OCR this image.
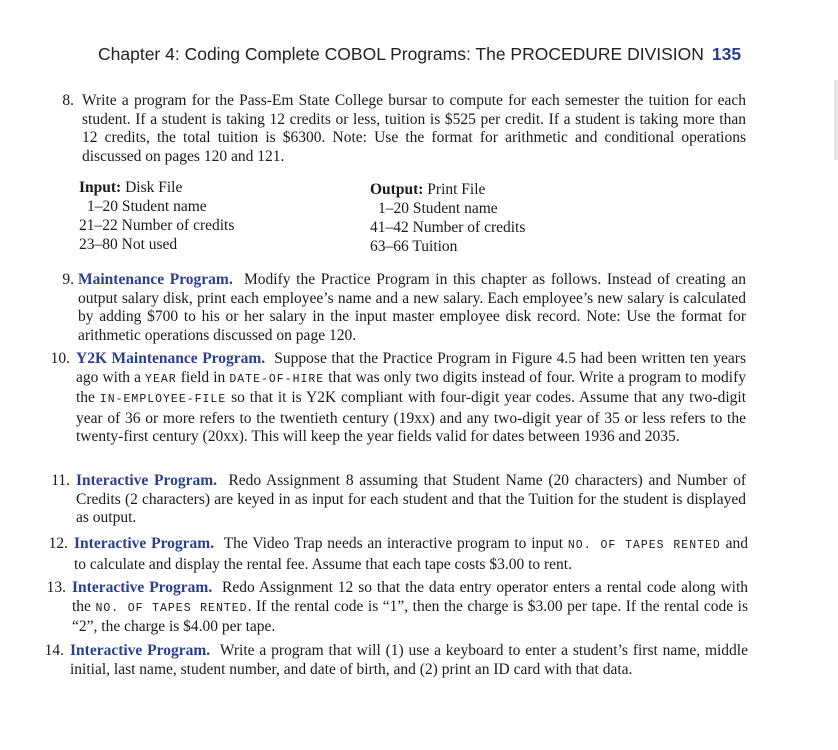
Chapter 4: Coding Complete COBOL Programs: The PROCEDURE DIVISION 135
8. Write a program for the Pass-Em State College bursar to compute for each semester the tuition for each student. If a student is taking 12 credits or less, tuition is $525 per credit. If a student is taking more than 12 credits, the total tuition is $6300. Note: Use the format for arithmetic and conditional operations discussed on pages 120 and 121.

Input: Disk File
1–20 Student name
21–22 Number of credits
23–80 Not used
Output: Print File
1–20 Student name
41–42 Number of credits
63–66 Tuition
9. Maintenance Program. Modify the Practice Program in this chapter as follows. Instead of creating an output salary disk, print each employee’s name and a new salary. Each employee’s new salary is calculated by adding $700 to his or her salary in the input master employee disk record. Note: Use the format for arithmetic operations discussed on page 120.

10. Y2K Maintenance Program. Suppose that the Practice Program in Figure 4.5 had been written ten years ago with a YEAR field in DATE-OF-HIRE that was only two digits instead of four. Write a program to modify the IN-EMPLOYEE-FILE so that it is Y2K compliant with four-digit year codes. Assume that any two-digit year of 36 or more refers to the twentieth century (19xx) and any two-digit year of 35 or less refers to the twenty-first century (20xx). This will keep the year fields valid for dates between 1936 and 2035.

11. Interactive Program. Redo Assignment 8 assuming that Student Name (20 characters) and Number of Credits (2 characters) are keyed in as input for each student and that the Tuition for the student is displayed as output.

12. Interactive Program. The Video Trap needs an interactive program to input NO. OF TAPES RENTED and to calculate and display the rental fee. Assume that each tape costs $3.00 to rent.

13. Interactive Program. Redo Assignment 12 so that the data entry operator enters a rental code along with the NO. OF TAPES RENTED. If the rental code is “1”, then the charge is $3.00 per tape. If the rental code is “2”, the charge is $4.00 per tape.

14. Interactive Program. Write a program that will (1) use a keyboard to enter a student’s first name, middle initial, last name, student number, and date of birth, and (2) print an ID card with that data.
